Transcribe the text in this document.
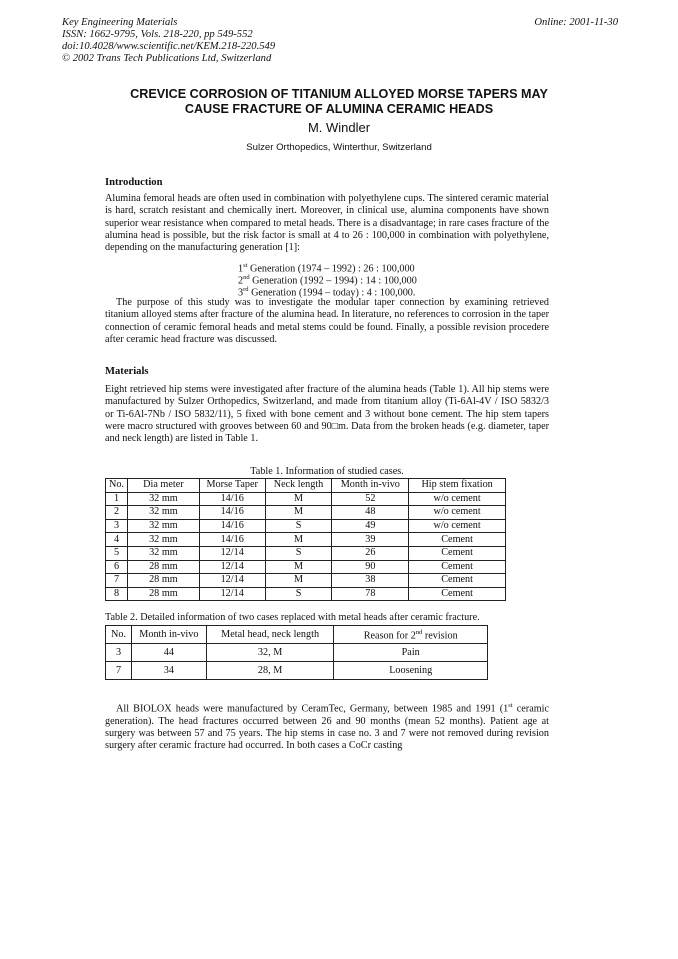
Key Engineering Materials
ISSN: 1662-9795, Vols. 218-220, pp 549-552
doi:10.4028/www.scientific.net/KEM.218-220.549
© 2002 Trans Tech Publications Ltd, Switzerland
Online: 2001-11-30
CREVICE CORROSION OF TITANIUM ALLOYED MORSE TAPERS MAY
CAUSE FRACTURE OF ALUMINA CERAMIC HEADS
M. Windler
Sulzer Orthopedics, Winterthur, Switzerland
Introduction
Alumina femoral heads are often used in combination with polyethylene cups. The sintered ceramic material is hard, scratch resistant and chemically inert. Moreover, in clinical use, alumina components have shown superior wear resistance when compared to metal heads. There is a disadvantage; in rare cases fracture of the alumina head is possible, but the risk factor is small at 4 to 26 : 100,000 in combination with polyethylene, depending on the manufacturing generation [1]:
1st Generation (1974 – 1992) : 26 : 100,000
2nd Generation (1992 – 1994) : 14 : 100,000
3rd Generation (1994 – today) : 4 : 100,000.
The purpose of this study was to investigate the modular taper connection by examining retrieved titanium alloyed stems after fracture of the alumina head. In literature, no references to corrosion in the taper connection of ceramic femoral heads and metal stems could be found. Finally, a possible revision procedere after ceramic head fracture was discussed.
Materials
Eight retrieved hip stems were investigated after fracture of the alumina heads (Table 1). All hip stems were manufactured by Sulzer Orthopedics, Switzerland, and made from titanium alloy (Ti-6Al-4V / ISO 5832/3 or Ti-6Al-7Nb / ISO 5832/11), 5 fixed with bone cement and 3 without bone cement. The hip stem tapers were macro structured with grooves between 60 and 90□m. Data from the broken heads (e.g. diameter, taper and neck length) are listed in Table 1.
Table 1. Information of studied cases.
No.	Dia meter	Morse Taper	Neck length	Month in-vivo	Hip stem fixation
1	32 mm	14/16	M	52	w/o cement
2	32 mm	14/16	M	48	w/o cement
3	32 mm	14/16	S	49	w/o cement
4	32 mm	14/16	M	39	Cement
5	32 mm	12/14	S	26	Cement
6	28 mm	12/14	M	90	Cement
7	28 mm	12/14	M	38	Cement
8	28 mm	12/14	S	78	Cement
Table 2. Detailed information of two cases replaced with metal heads after ceramic fracture.
No.	Month in-vivo	Metal head, neck length	Reason for 2nd revision
3	44	32, M	Pain
7	34	28, M	Loosening
All BIOLOX heads were manufactured by CeramTec, Germany, between 1985 and 1991 (1st ceramic generation). The head fractures occurred between 26 and 90 months (mean 52 months). Patient age at surgery was between 57 and 75 years. The hip stems in case no. 3 and 7 were not removed during revision surgery after ceramic fracture had occurred. In both cases a CoCr casting
